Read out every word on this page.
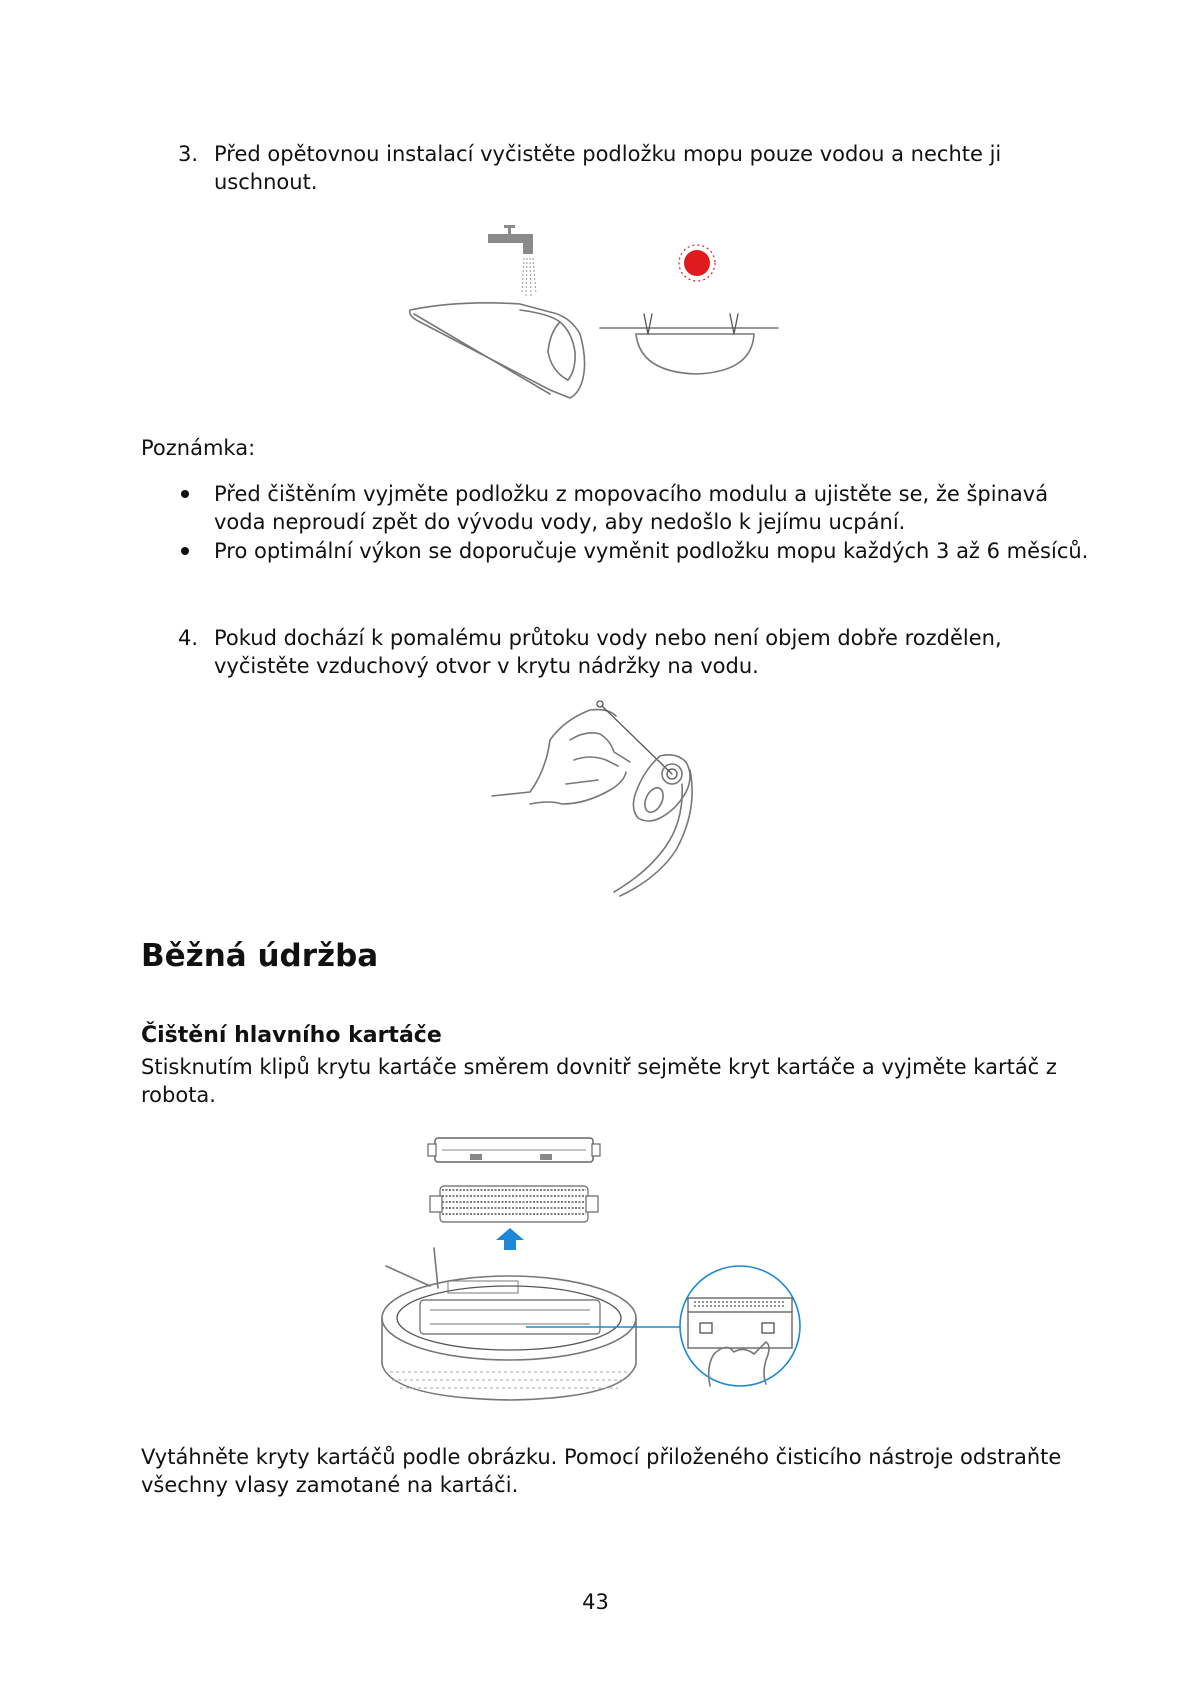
3. Před opětovnou instalací vyčistěte podložku mopu pouze vodou a nechte ji
uschnout.
Poznámka:
Před čištěním vyjměte podložku z mopovacího modulu a ujistěte se, že špinavá
voda neproudí zpět do vývodu vody, aby nedošlo k jejímu ucpání.
Pro optimální výkon se doporučuje vyměnit podložku mopu každých 3 až 6 měsíců.
4. Pokud dochází k pomalému průtoku vody nebo není objem dobře rozdělen,
vyčistěte vzduchový otvor v krytu nádržky na vodu.
Běžná údržba
Čištění hlavního kartáče
Stisknutím klipů krytu kartáče směrem dovnitř sejměte kryt kartáče a vyjměte kartáč z
robota.
Vytáhněte kryty kartáčů podle obrázku. Pomocí přiloženého čisticího nástroje odstraňte
všechny vlasy zamotané na kartáči.
43
